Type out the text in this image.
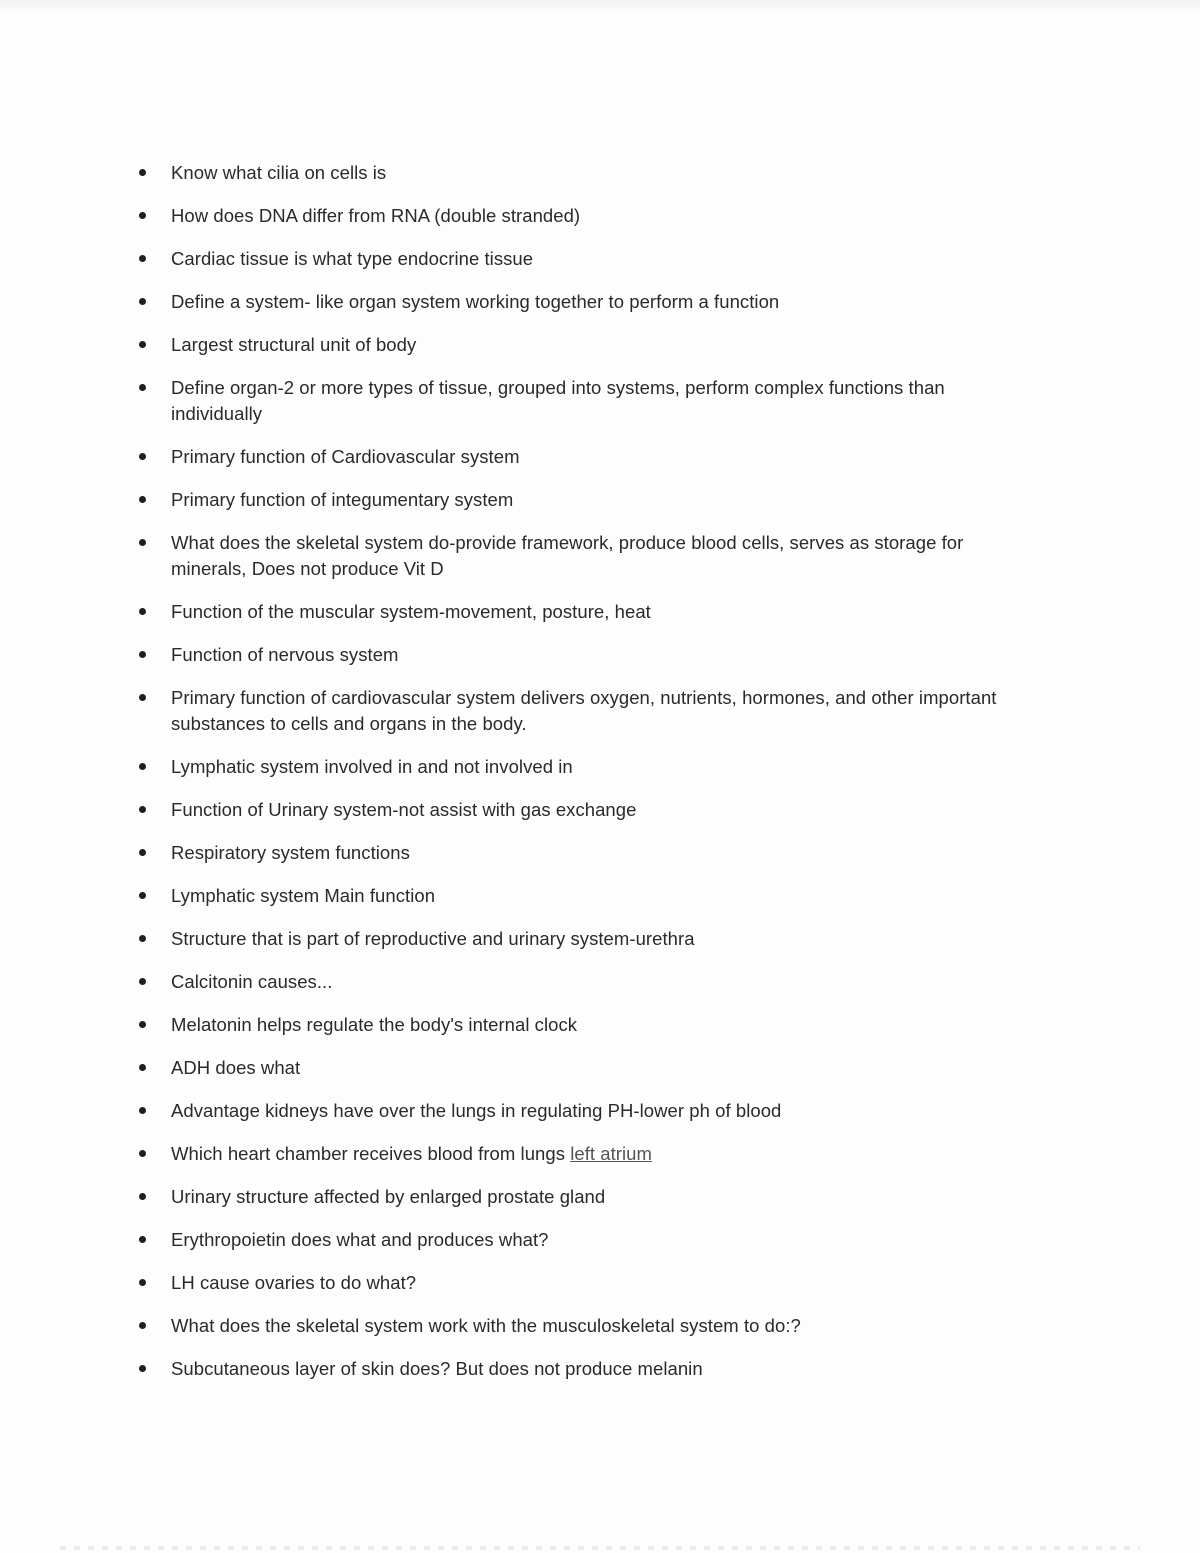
Know what cilia on cells is
How does DNA differ from RNA (double stranded)
Cardiac tissue is what type endocrine tissue
Define a system- like organ system working together to perform a function
Largest structural unit of body
Define organ-2 or more types of tissue, grouped into systems, perform complex functions than individually
Primary function of Cardiovascular system
Primary function of integumentary system
What does the skeletal system do-provide framework, produce blood cells, serves as storage for minerals, Does not produce Vit D
Function of the muscular system-movement, posture, heat
Function of nervous system
Primary function of cardiovascular system delivers oxygen, nutrients, hormones, and other important substances to cells and organs in the body.
Lymphatic system involved in and not involved in
Function of Urinary system-not assist with gas exchange
Respiratory system functions
Lymphatic system Main function
Structure that is part of reproductive and urinary system-urethra
Calcitonin causes...
Melatonin helps regulate the body's internal clock
ADH does what
Advantage kidneys have over the lungs in regulating PH-lower ph of blood
Which heart chamber receives blood from lungs left atrium
Urinary structure affected by enlarged prostate gland
Erythropoietin does what and produces what?
LH cause ovaries to do what?
What does the skeletal system work with the musculoskeletal system to do:?
Subcutaneous layer of skin does? But does not produce melanin
